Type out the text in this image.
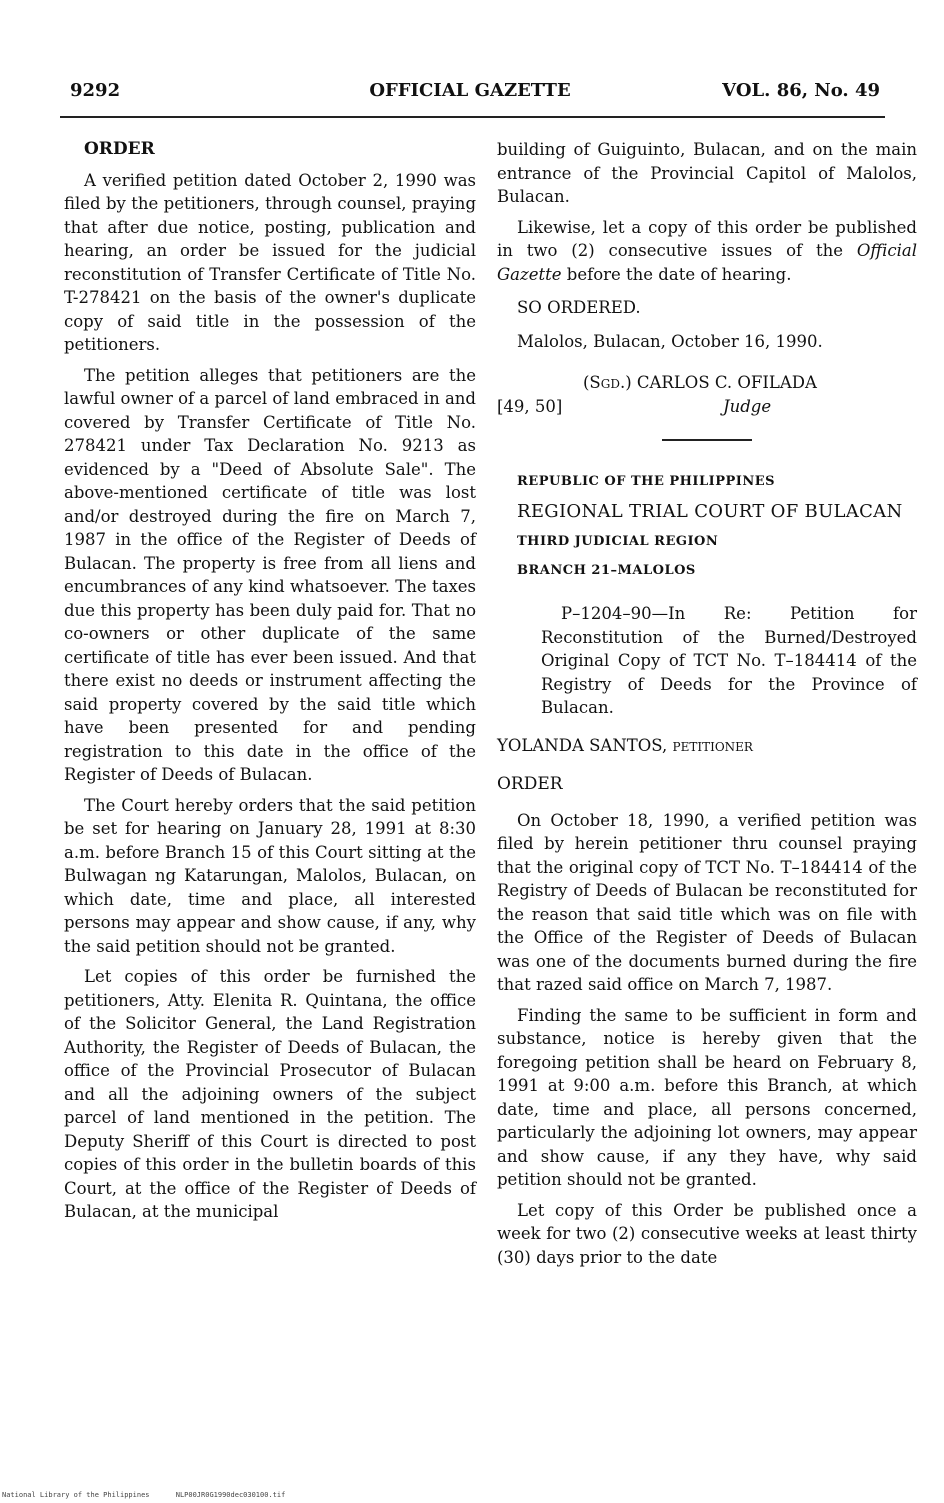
9292	OFFICIAL GAZETTE	VOL. 86, No. 49

ORDER

A verified petition dated October 2, 1990 was filed by the petitioners, through counsel, praying that after due notice, posting, publication and hearing, an order be issued for the judicial reconstitution of Transfer Certificate of Title No. T-278421 on the basis of the owner's duplicate copy of said title in the possession of the petitioners.

The petition alleges that petitioners are the lawful owner of a parcel of land embraced in and covered by Transfer Certificate of Title No. 278421 under Tax Declaration No. 9213 as evidenced by a "Deed of Absolute Sale". The above-mentioned certificate of title was lost and/or destroyed during the fire on March 7, 1987 in the office of the Register of Deeds of Bulacan. The property is free from all liens and encumbrances of any kind whatsoever. The taxes due this property has been duly paid for. That no co-owners or other duplicate of the same certificate of title has ever been issued. And that there exist no deeds or instrument affecting the said property covered by the said title which have been presented for and pending registration to this date in the office of the Register of Deeds of Bulacan.

The Court hereby orders that the said petition be set for hearing on January 28, 1991 at 8:30 a.m. before Branch 15 of this Court sitting at the Bulwagan ng Katarungan, Malolos, Bulacan, on which date, time and place, all interested persons may appear and show cause, if any, why the said petition should not be granted.

Let copies of this order be furnished the petitioners, Atty. Elenita R. Quintana, the office of the Solicitor General, the Land Registration Authority, the Register of Deeds of Bulacan, the office of the Provincial Prosecutor of Bulacan and all the adjoining owners of the subject parcel of land mentioned in the petition. The Deputy Sheriff of this Court is directed to post copies of this order in the bulletin boards of this Court, at the office of the Register of Deeds of Bulacan, at the municipal

building of Guiguinto, Bulacan, and on the main entrance of the Provincial Capitol of Malolos, Bulacan.

Likewise, let a copy of this order be published in two (2) consecutive issues of the Official Gazette before the date of hearing.

SO ORDERED.

Malolos, Bulacan, October 16, 1990.

(Sgd.) CARLOS C. OFILADA
[49, 50]	Judge

REPUBLIC OF THE PHILIPPINES

REGIONAL TRIAL COURT OF BULACAN

THIRD JUDICIAL REGION

BRANCH 21–MALOLOS

P–1204–90—In Re: Petition for Reconstitution of the Burned/Destroyed Original Copy of TCT No. T–184414 of the Registry of Deeds for the Province of Bulacan.

YOLANDA SANTOS, petitioner

ORDER

On October 18, 1990, a verified petition was filed by herein petitioner thru counsel praying that the original copy of TCT No. T–184414 of the Registry of Deeds of Bulacan be reconstituted for the reason that said title which was on file with the Office of the Register of Deeds of Bulacan was one of the documents burned during the fire that razed said office on March 7, 1987.

Finding the same to be sufficient in form and substance, notice is hereby given that the foregoing petition shall be heard on February 8, 1991 at 9:00 a.m. before this Branch, at which date, time and place, all persons concerned, particularly the adjoining lot owners, may appear and show cause, if any they have, why said petition should not be granted.

Let copy of this Order be published once a week for two (2) consecutive weeks at least thirty (30) days prior to the date

National Library of the Philippines	NLP00JR0G1990dec030100.tif
